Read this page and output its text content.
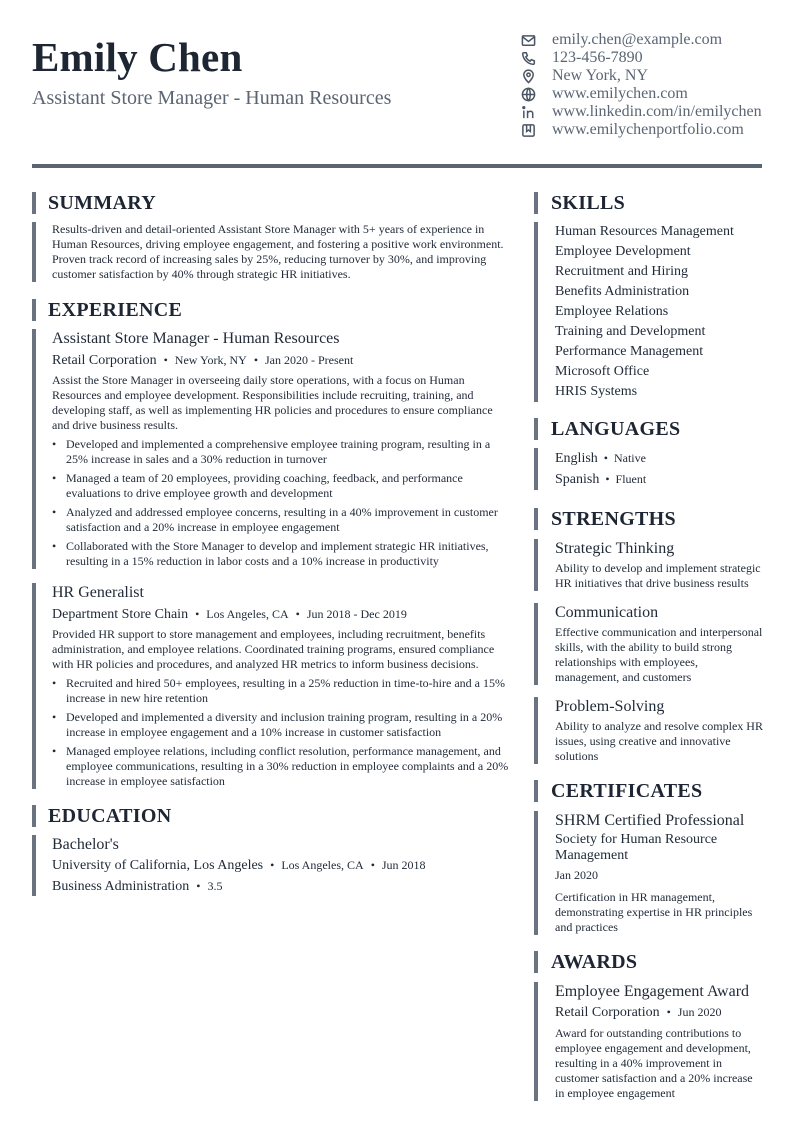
Emily Chen
Assistant Store Manager - Human Resources
emily.chen@example.com
123-456-7890
New York, NY
www.emilychen.com
www.linkedin.com/in/emilychen
www.emilychenportfolio.com
SUMMARY
Results-driven and detail-oriented Assistant Store Manager with 5+ years of experience in Human Resources, driving employee engagement, and fostering a positive work environment. Proven track record of increasing sales by 25%, reducing turnover by 30%, and improving customer satisfaction by 40% through strategic HR initiatives.
EXPERIENCE
Assistant Store Manager - Human Resources
Retail Corporation • New York, NY • Jan 2020 - Present
Assist the Store Manager in overseeing daily store operations, with a focus on Human Resources and employee development. Responsibilities include recruiting, training, and developing staff, as well as implementing HR policies and procedures to ensure compliance and drive business results.
• Developed and implemented a comprehensive employee training program, resulting in a 25% increase in sales and a 30% reduction in turnover
• Managed a team of 20 employees, providing coaching, feedback, and performance evaluations to drive employee growth and development
• Analyzed and addressed employee concerns, resulting in a 40% improvement in customer satisfaction and a 20% increase in employee engagement
• Collaborated with the Store Manager to develop and implement strategic HR initiatives, resulting in a 15% reduction in labor costs and a 10% increase in productivity
HR Generalist
Department Store Chain • Los Angeles, CA • Jun 2018 - Dec 2019
Provided HR support to store management and employees, including recruitment, benefits administration, and employee relations. Coordinated training programs, ensured compliance with HR policies and procedures, and analyzed HR metrics to inform business decisions.
• Recruited and hired 50+ employees, resulting in a 25% reduction in time-to-hire and a 15% increase in new hire retention
• Developed and implemented a diversity and inclusion training program, resulting in a 20% increase in employee engagement and a 10% increase in customer satisfaction
• Managed employee relations, including conflict resolution, performance management, and employee communications, resulting in a 30% reduction in employee complaints and a 20% increase in employee satisfaction
EDUCATION
Bachelor's
University of California, Los Angeles • Los Angeles, CA • Jun 2018
Business Administration • 3.5
SKILLS
Human Resources Management
Employee Development
Recruitment and Hiring
Benefits Administration
Employee Relations
Training and Development
Performance Management
Microsoft Office
HRIS Systems
LANGUAGES
English • Native
Spanish • Fluent
STRENGTHS
Strategic Thinking
Ability to develop and implement strategic HR initiatives that drive business results
Communication
Effective communication and interpersonal skills, with the ability to build strong relationships with employees, management, and customers
Problem-Solving
Ability to analyze and resolve complex HR issues, using creative and innovative solutions
CERTIFICATES
SHRM Certified Professional
Society for Human Resource Management
Jan 2020
Certification in HR management, demonstrating expertise in HR principles and practices
AWARDS
Employee Engagement Award
Retail Corporation • Jun 2020
Award for outstanding contributions to employee engagement and development, resulting in a 40% improvement in customer satisfaction and a 20% increase in employee engagement
